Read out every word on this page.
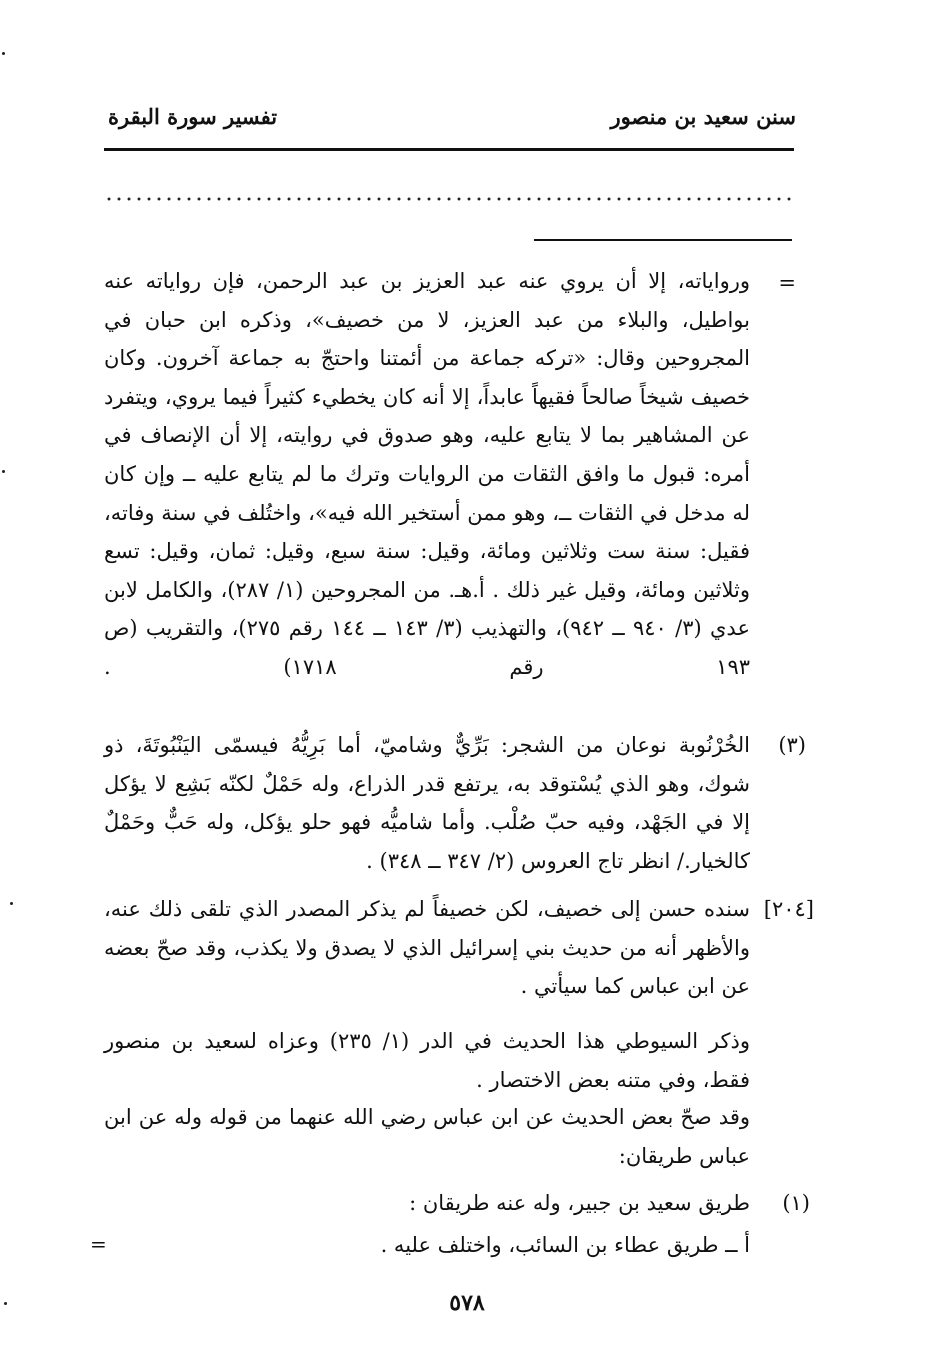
سنن سعيد بن منصور
تفسير سورة البقرة
=
وروایاته، إلا أن يروي عنه عبد العزيز بن عبد الرحمن، فإن رواياته عنه بواطيل، والبلاء من عبد العزيز، لا من خصيف»، وذكره ابن حبان في المجروحين وقال: «تركه جماعة من أئمتنا واحتجّ به جماعة آخرون. وكان خصيف شيخاً صالحاً فقيهاً عابداً، إلا أنه كان يخطيء كثيراً فيما يروي، ويتفرد عن المشاهير بما لا يتابع عليه، وهو صدوق في روايته، إلا أن الإنصاف في أمره: قبول ما وافق الثقات من الروايات وترك ما لم يتابع عليه ــ وإن كان له مدخل في الثقات ــ، وهو ممن أستخير الله فيه»، واختُلف في سنة وفاته، فقيل: سنة ست وثلاثين ومائة، وقيل: سنة سبع، وقيل: ثمان، وقيل: تسع وثلاثين ومائة، وقيل غير ذلك . أ.هـ. من المجروحين (١/ ٢٨٧)، والكامل لابن عدي (٣/ ٩٤٠ ــ ٩٤٢)، والتهذيب (٣/ ١٤٣ ــ ١٤٤ رقم ٢٧٥)، والتقريب (ص ١٩٣ رقم ١٧١٨) .
(٣)
الخُرْنُوبة نوعان من الشجر: بَرِّيٌّ وشاميّ، أما بَرِيُّهُ فيسمّى اليَنْبُوتَةَ، ذو شوك، وهو الذي يُسْتوقد به، يرتفع قدر الذراع، وله حَمْلٌ لكنّه بَشِع لا يؤكل إلا في الجَهْد، وفيه حبّ صُلْب. وأما شاميُّه فهو حلو يؤكل، وله حَبٌّ وحَمْلٌ كالخيار./ انظر تاج العروس (٢/ ٣٤٧ ــ ٣٤٨) .
[٢٠٤]
سنده حسن إلى خصيف، لكن خصيفاً لم يذكر المصدر الذي تلقى ذلك عنه، والأظهر أنه من حديث بني إسرائيل الذي لا يصدق ولا يكذب، وقد صحّ بعضه عن ابن عباس كما سيأتي .
وذكر السيوطي هذا الحديث في الدر (١/ ٢٣٥) وعزاه لسعيد بن منصور فقط، وفي متنه بعض الاختصار .
وقد صحّ بعض الحديث عن ابن عباس رضي الله عنهما من قوله وله عن ابن عباس طريقان:
(١)
طريق سعيد بن جبير، وله عنه طريقان :
أ ــ طريق عطاء بن السائب، واختلف عليه .
=
٥٧٨
